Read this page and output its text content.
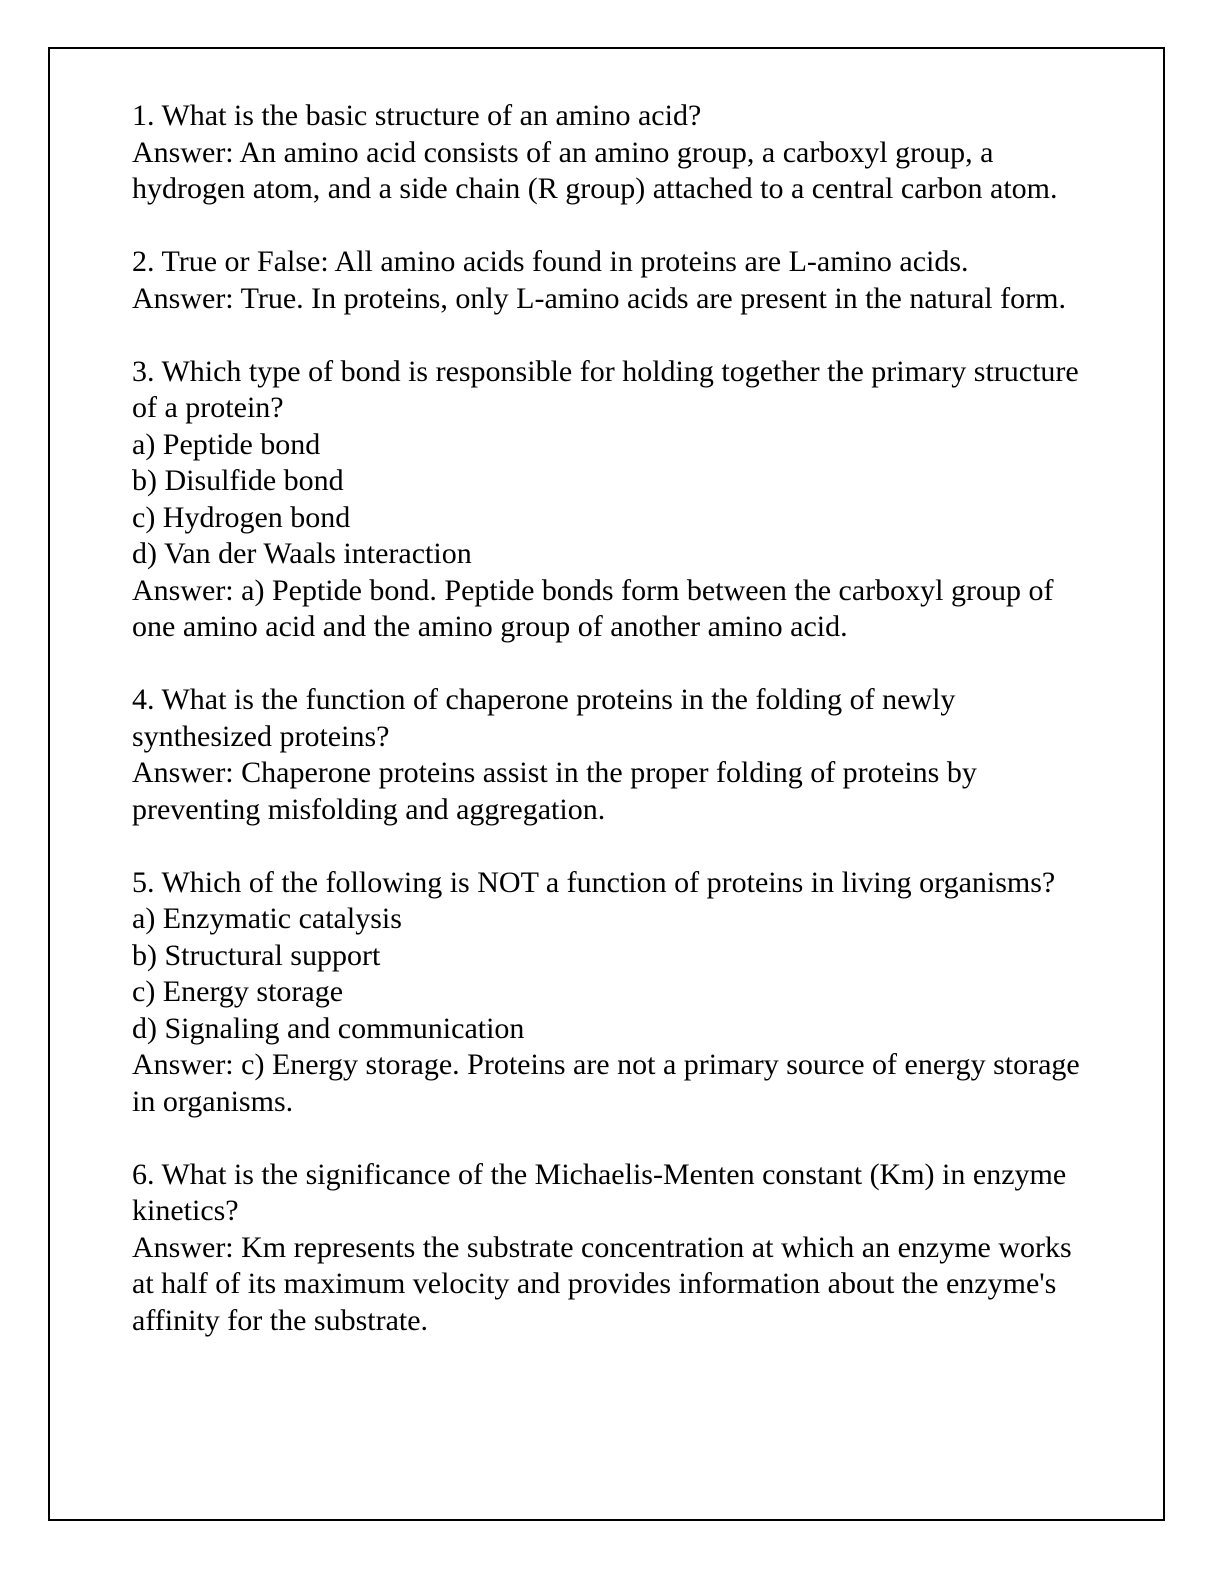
1. What is the basic structure of an amino acid?
Answer: An amino acid consists of an amino group, a carboxyl group, a hydrogen atom, and a side chain (R group) attached to a central carbon atom.
2. True or False: All amino acids found in proteins are L-amino acids.
Answer: True. In proteins, only L-amino acids are present in the natural form.
3. Which type of bond is responsible for holding together the primary structure of a protein?
a) Peptide bond
b) Disulfide bond
c) Hydrogen bond
d) Van der Waals interaction
Answer: a) Peptide bond. Peptide bonds form between the carboxyl group of one amino acid and the amino group of another amino acid.
4. What is the function of chaperone proteins in the folding of newly synthesized proteins?
Answer: Chaperone proteins assist in the proper folding of proteins by preventing misfolding and aggregation.
5. Which of the following is NOT a function of proteins in living organisms?
a) Enzymatic catalysis
b) Structural support
c) Energy storage
d) Signaling and communication
Answer: c) Energy storage. Proteins are not a primary source of energy storage in organisms.
6. What is the significance of the Michaelis-Menten constant (Km) in enzyme kinetics?
Answer: Km represents the substrate concentration at which an enzyme works at half of its maximum velocity and provides information about the enzyme's affinity for the substrate.
